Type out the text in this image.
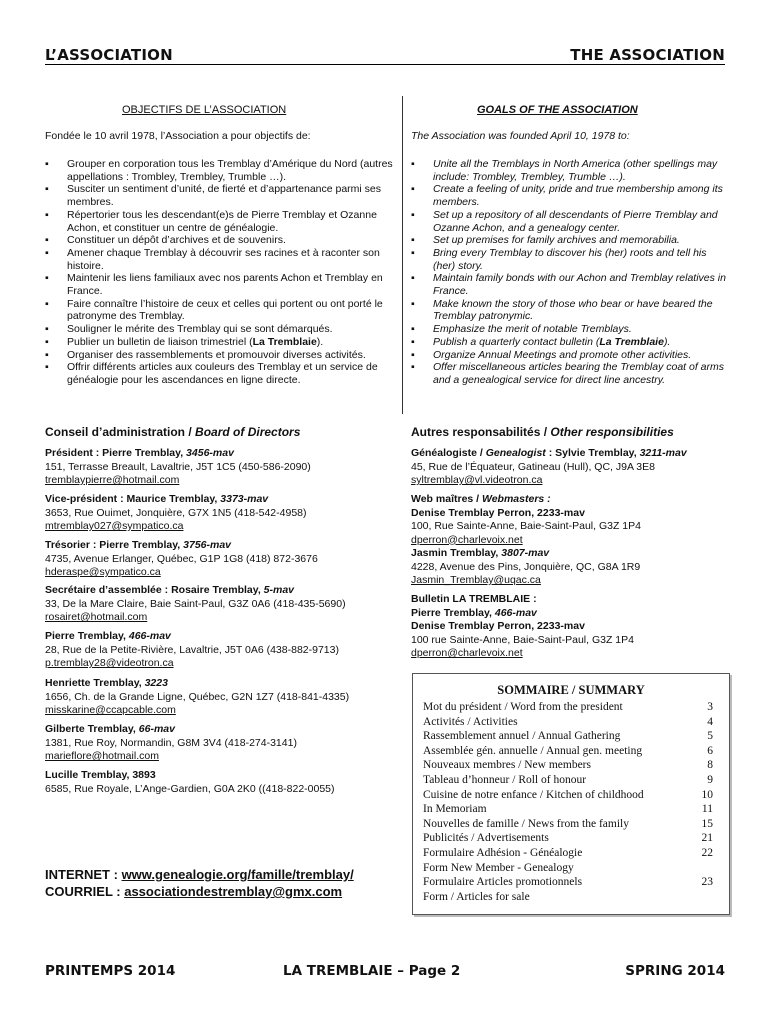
L’ASSOCIATION	THE ASSOCIATION
OBJECTIFS DE L’ASSOCIATION	GOALS OF THE ASSOCIATION
Fondée le 10 avril 1978, l’Association a pour objectifs de:	The Association was founded April 10, 1978 to:
▪ Grouper en corporation tous les Tremblay d’Amérique du Nord (autres appellations : Trombley, Trembley, Trumble …).
▪ Susciter un sentiment d’unité, de fierté et d’appartenance parmi ses membres.
▪ Répertorier tous les descendant(e)s de Pierre Tremblay et Ozanne Achon, et constituer un centre de généalogie.
▪ Constituer un dépôt d’archives et de souvenirs.
▪ Amener chaque Tremblay à découvrir ses racines et à raconter son histoire.
▪ Maintenir les liens familiaux avec nos parents Achon et Tremblay en France.
▪ Faire connaître l’histoire de ceux et celles qui portent ou ont porté le patronyme des Tremblay.
▪ Souligner le mérite des Tremblay qui se sont démarqués.
▪ Publier un bulletin de liaison trimestriel (La Tremblaie).
▪ Organiser des rassemblements et promouvoir diverses activités.
▪ Offrir différents articles aux couleurs des Tremblay et un service de généalogie pour les ascendances en ligne directe.
▪ Unite all the Tremblays in North America (other spellings may include: Trombley, Trembley, Trumble …).
▪ Create a feeling of unity, pride and true membership among its members.
▪ Set up a repository of all descendants of Pierre Tremblay and Ozanne Achon, and a genealogy center.
▪ Set up premises for family archives and memorabilia.
▪ Bring every Tremblay to discover his (her) roots and tell his (her) story.
▪ Maintain family bonds with our Achon and Tremblay relatives in France.
▪ Make known the story of those who bear or have beared the Tremblay patronymic.
▪ Emphasize the merit of notable Tremblays.
▪ Publish a quarterly contact bulletin (La Tremblaie).
▪ Organize Annual Meetings and promote other activities.
▪ Offer miscellaneous articles bearing the Tremblay coat of arms and a genealogical service for direct line ancestry.
Conseil d’administration / Board of Directors
Président : Pierre Tremblay, 3456-mav
151, Terrasse Breault, Lavaltrie, J5T 1C5 (450-586-2090)
tremblaypierre@hotmail.com
Vice-président : Maurice Tremblay, 3373-mav
3653, Rue Ouimet, Jonquière, G7X 1N5 (418-542-4958)
mtremblay027@sympatico.ca
Trésorier : Pierre Tremblay, 3756-mav
4735, Avenue Erlanger, Québec, G1P 1G8 (418) 872-3676
hderaspe@sympatico.ca
Secrétaire d’assemblée : Rosaire Tremblay, 5-mav
33, De la Mare Claire, Baie Saint-Paul, G3Z 0A6 (418-435-5690)
rosairet@hotmail.com
Pierre Tremblay, 466-mav
28, Rue de la Petite-Rivière, Lavaltrie, J5T 0A6 (438-882-9713)
p.tremblay28@videotron.ca
Henriette Tremblay, 3223
1656, Ch. de la Grande Ligne, Québec, G2N 1Z7 (418-841-4335)
misskarine@ccapcable.com
Gilberte Tremblay, 66-mav
1381, Rue Roy, Normandin, G8M 3V4 (418-274-3141)
marieflore@hotmail.com
Lucille Tremblay, 3893
6585, Rue Royale, L’Ange-Gardien, G0A 2K0 ((418-822-0055)
Autres responsabilités / Other responsibilities
Généalogiste / Genealogist : Sylvie Tremblay, 3211-mav
45, Rue de l’Équateur, Gatineau (Hull), QC, J9A 3E8
syltremblay@vl.videotron.ca
Web maîtres / Webmasters :
Denise Tremblay Perron, 2233-mav
100, Rue Sainte-Anne, Baie-Saint-Paul, G3Z 1P4
dperron@charlevoix.net
Jasmin Tremblay, 3807-mav
4228, Avenue des Pins, Jonquière, QC, G8A 1R9
Jasmin_Tremblay@uqac.ca
Bulletin LA TREMBLAIE :
Pierre Tremblay, 466-mav
Denise Tremblay Perron, 2233-mav
100 rue Sainte-Anne, Baie-Saint-Paul, G3Z 1P4
dperron@charlevoix.net
SOMMAIRE / SUMMARY
Mot du président / Word from the president	3
Activités / Activities	4
Rassemblement annuel / Annual Gathering	5
Assemblée gén. annuelle / Annual gen. meeting	6
Nouveaux membres / New members	8
Tableau d’honneur / Roll of honour	9
Cuisine de notre enfance / Kitchen of childhood	10
In Memoriam	11
Nouvelles de famille / News from the family	15
Publicités / Advertisements	21
Formulaire Adhésion - Généalogie	22
Form New Member - Genealogy
Formulaire Articles promotionnels	23
Form / Articles for sale
INTERNET : www.genealogie.org/famille/tremblay/
COURRIEL : associationdestremblay@gmx.com
PRINTEMPS 2014	LA TREMBLAIE – Page 2	SPRING 2014
